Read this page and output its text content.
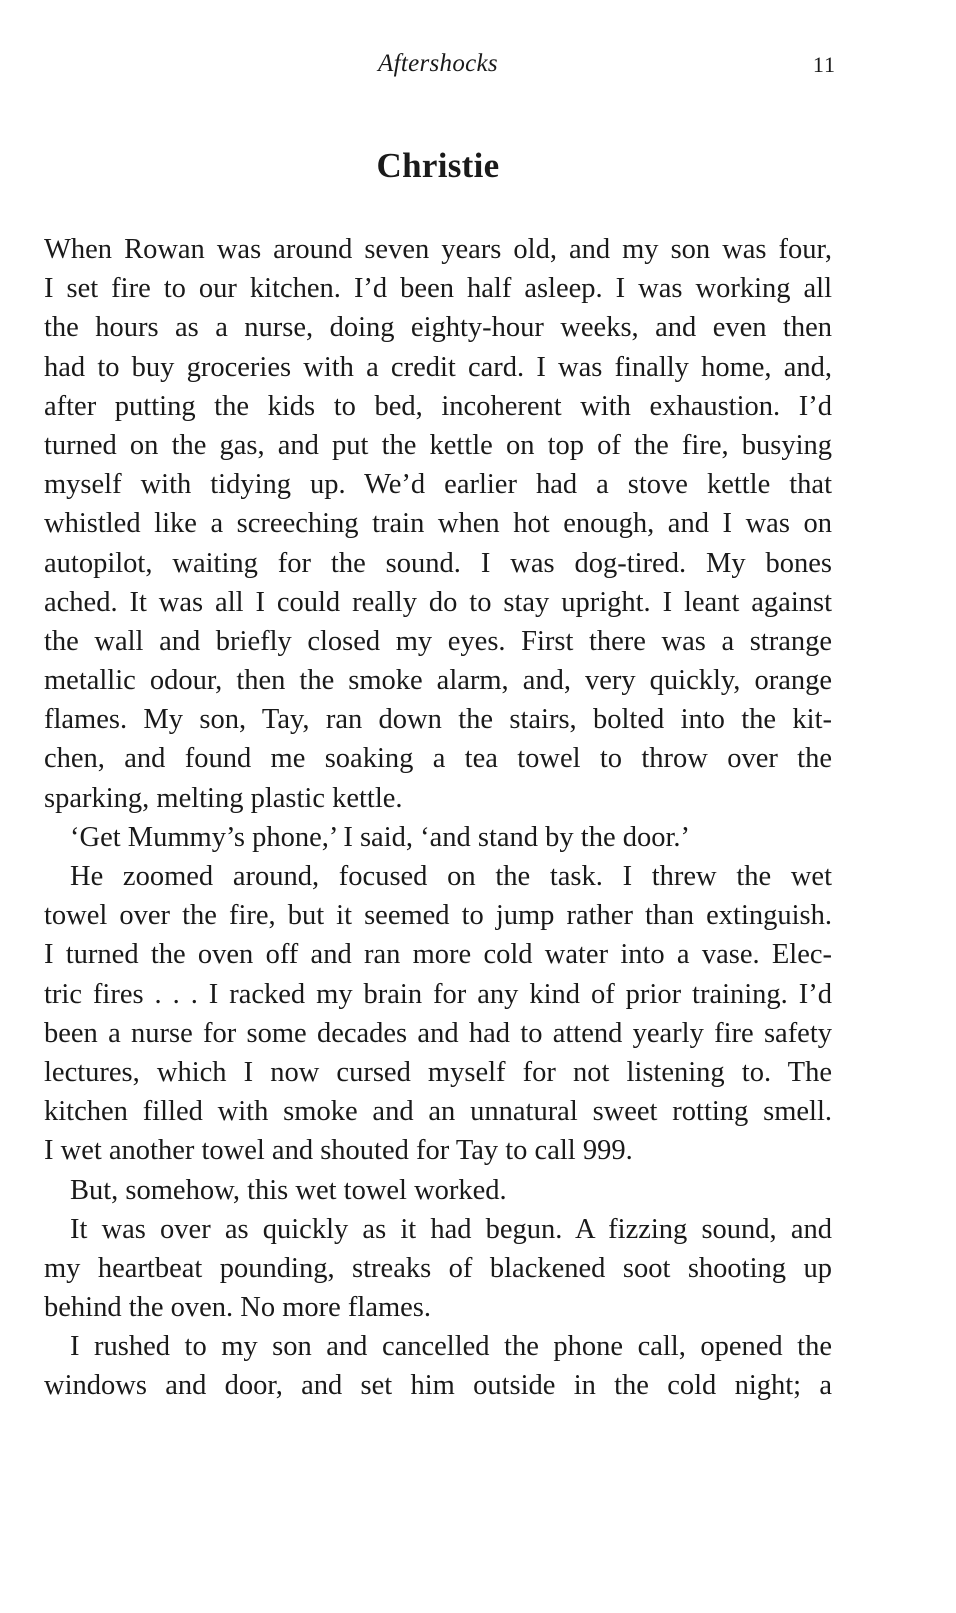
Aftershocks	11
Christie
When Rowan was around seven years old, and my son was four,
I set fire to our kitchen. I’d been half asleep. I was working all
the hours as a nurse, doing eighty-hour weeks, and even then
had to buy groceries with a credit card. I was finally home, and,
after putting the kids to bed, incoherent with exhaustion. I’d
turned on the gas, and put the kettle on top of the fire, busying
myself with tidying up. We’d earlier had a stove kettle that
whistled like a screeching train when hot enough, and I was on
autopilot, waiting for the sound. I was dog-tired. My bones
ached. It was all I could really do to stay upright. I leant against
the wall and briefly closed my eyes. First there was a strange
metallic odour, then the smoke alarm, and, very quickly, orange
flames. My son, Tay, ran down the stairs, bolted into the kit-
chen, and found me soaking a tea towel to throw over the
sparking, melting plastic kettle.
‘Get Mummy’s phone,’ I said, ‘and stand by the door.’
He zoomed around, focused on the task. I threw the wet
towel over the fire, but it seemed to jump rather than extinguish.
I turned the oven off and ran more cold water into a vase. Elec-
tric fires . . . I racked my brain for any kind of prior training. I’d
been a nurse for some decades and had to attend yearly fire safety
lectures, which I now cursed myself for not listening to. The
kitchen filled with smoke and an unnatural sweet rotting smell.
I wet another towel and shouted for Tay to call 999.
But, somehow, this wet towel worked.
It was over as quickly as it had begun. A fizzing sound, and
my heartbeat pounding, streaks of blackened soot shooting up
behind the oven. No more flames.
I rushed to my son and cancelled the phone call, opened the
windows and door, and set him outside in the cold night; a
